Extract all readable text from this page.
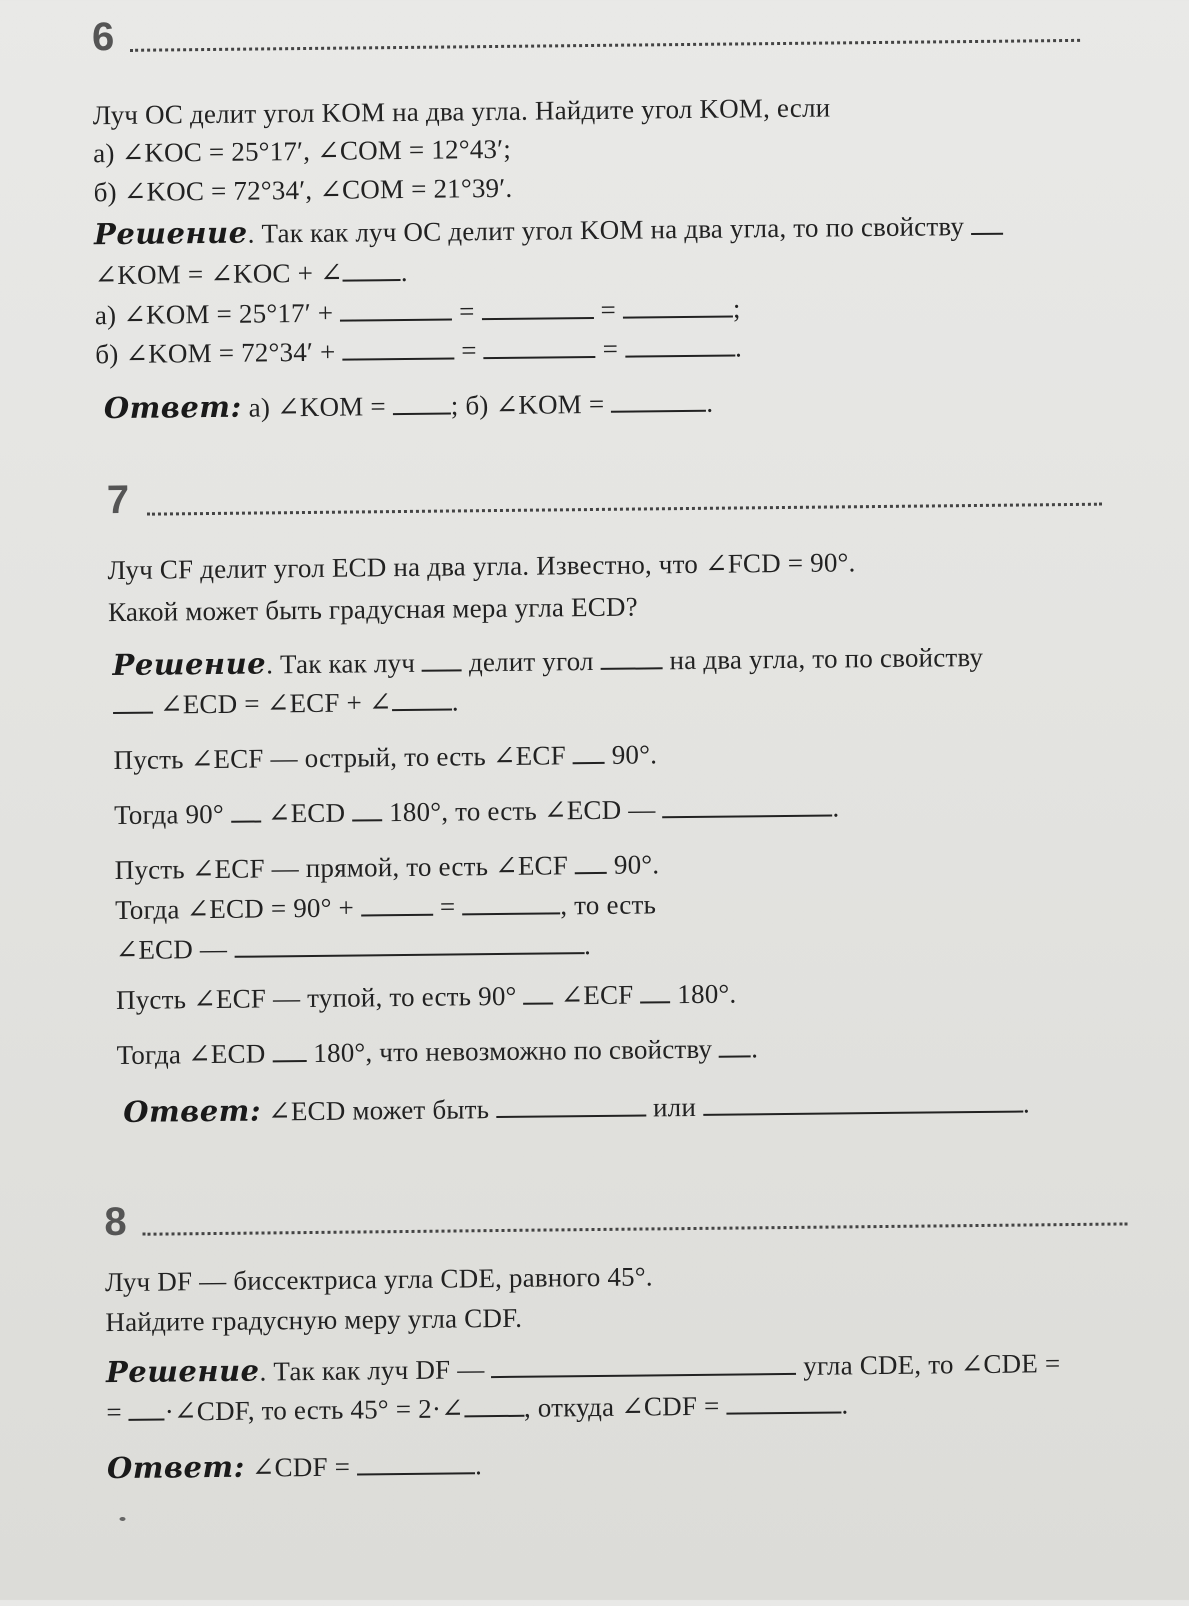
6
Луч OC делит угол KOM на два угла. Найдите угол KOM, если
а) ∠KOC = 25°17′, ∠COM = 12°43′;
б) ∠KOC = 72°34′, ∠COM = 21°39′.
Решение. Так как луч OC делит угол KOM на два угла, то по свойству
∠KOM = ∠KOC + ∠ .
а) ∠KOM = 25°17′ +	=	=	;
б) ∠KOM = 72°34′ +	=	=	.
Ответ: а) ∠KOM = ; б) ∠KOM =	.
7
Луч CF делит угол ECD на два угла. Известно, что ∠FCD = 90°.
Какой может быть градусная мера угла ECD?
Решение. Так как луч делит угол	на два угла, то по свойству
∠ECD = ∠ECF + ∠ .
Пусть ∠ECF — острый, то есть ∠ECF 90°.
Тогда 90° ∠ECD 180°, то есть ∠ECD —	.
Пусть ∠ECF — прямой, то есть ∠ECF 90°.
Тогда ∠ECD = 90° +	=	, то есть
∠ECD —	.
Пусть ∠ECF — тупой, то есть 90° ∠ECF 180°.
Тогда ∠ECD 180°, что невозможно по свойству .
Ответ: ∠ECD может быть	или	.
8
Луч DF — биссектриса угла CDE, равного 45°.
Найдите градусную меру угла CDF.
Решение. Так как луч DF —	угла CDE, то ∠CDE =
= ·∠CDF, то есть 45° = 2·∠ , откуда ∠CDF =	.
Ответ: ∠CDF =	.
